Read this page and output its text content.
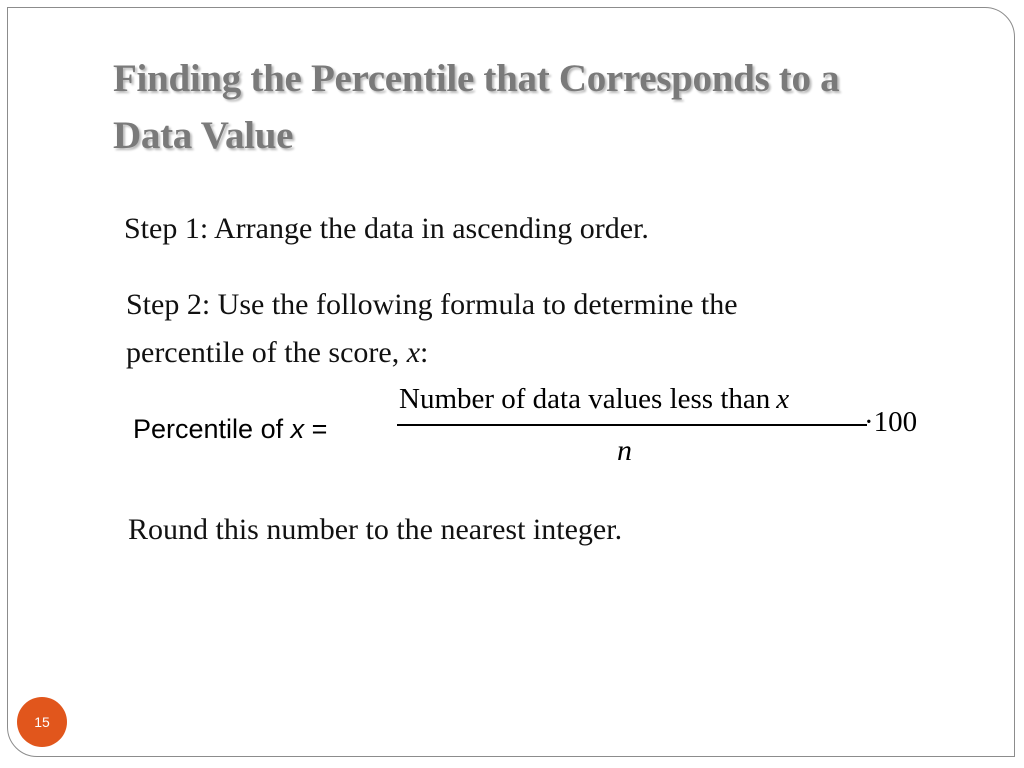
Finding the Percentile that Corresponds to a
Data Value

Step 1: Arrange the data in ascending order.

Step 2: Use the following formula to determine the
percentile of the score, x:

Percentile of x =
Number of data values less than x
·100
n

Round this number to the nearest integer.

15
